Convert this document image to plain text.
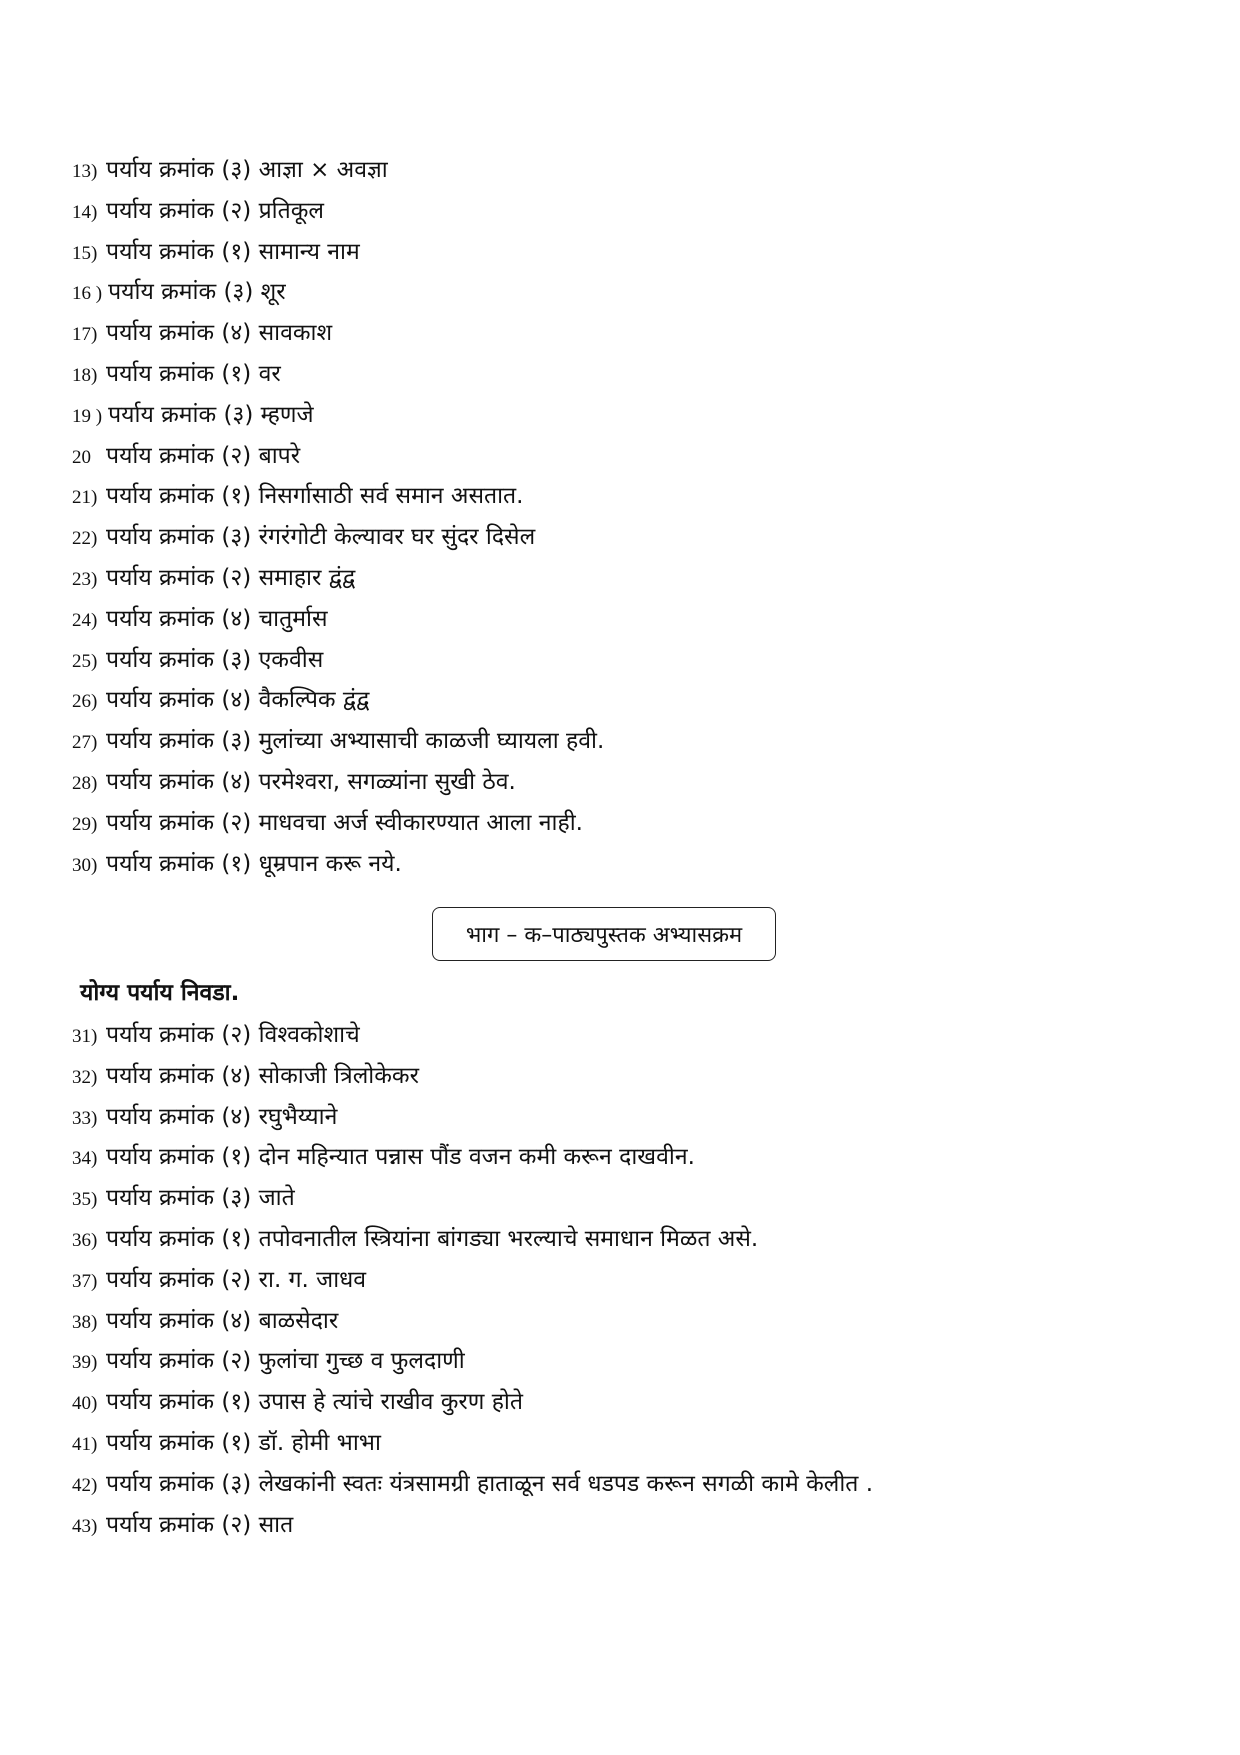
13) पर्याय क्रमांक (३) आज्ञा × अवज्ञा
14) पर्याय क्रमांक (२) प्रतिकूल
15) पर्याय क्रमांक (१) सामान्य नाम
16 ) पर्याय क्रमांक (३) शूर
17) पर्याय क्रमांक (४) सावकाश
18) पर्याय क्रमांक (१) वर
19 ) पर्याय क्रमांक (३) म्हणजे
20 पर्याय क्रमांक (२) बापरे
21) पर्याय क्रमांक (१) निसर्गासाठी सर्व समान असतात.
22) पर्याय क्रमांक (३) रंगरंगोटी केल्यावर घर सुंदर दिसेल
23) पर्याय क्रमांक (२) समाहार द्वंद्व
24) पर्याय क्रमांक (४) चातुर्मास
25) पर्याय क्रमांक (३) एकवीस
26) पर्याय क्रमांक (४) वैकल्पिक द्वंद्व
27) पर्याय क्रमांक (३) मुलांच्या अभ्यासाची काळजी घ्यायला हवी.
28) पर्याय क्रमांक (४) परमेश्वरा, सगळ्यांना सुखी ठेव.
29) पर्याय क्रमांक (२) माधवचा अर्ज स्वीकारण्यात आला नाही.
30) पर्याय क्रमांक (१) धूम्रपान करू नये.
भाग – क–पाठ्यपुस्तक अभ्यासक्रम
योग्य पर्याय निवडा.
31) पर्याय क्रमांक (२) विश्वकोशाचे
32) पर्याय क्रमांक (४) सोकाजी त्रिलोकेकर
33) पर्याय क्रमांक (४) रघुभैय्याने
34) पर्याय क्रमांक (१) दोन महिन्यात पन्नास पौंड वजन कमी करून दाखवीन.
35) पर्याय क्रमांक (३) जाते
36) पर्याय क्रमांक (१) तपोवनातील स्त्रियांना बांगड्या भरल्याचे समाधान मिळत असे.
37) पर्याय क्रमांक (२) रा. ग. जाधव
38) पर्याय क्रमांक (४) बाळसेदार
39) पर्याय क्रमांक (२) फुलांचा गुच्छ व फुलदाणी
40) पर्याय क्रमांक (१) उपास हे त्यांचे राखीव कुरण होते
41) पर्याय क्रमांक (१) डॉ. होमी भाभा
42) पर्याय क्रमांक (३) लेखकांनी स्वतः यंत्रसामग्री हाताळून सर्व धडपड करून सगळी कामे केलीत .
43) पर्याय क्रमांक (२) सात
